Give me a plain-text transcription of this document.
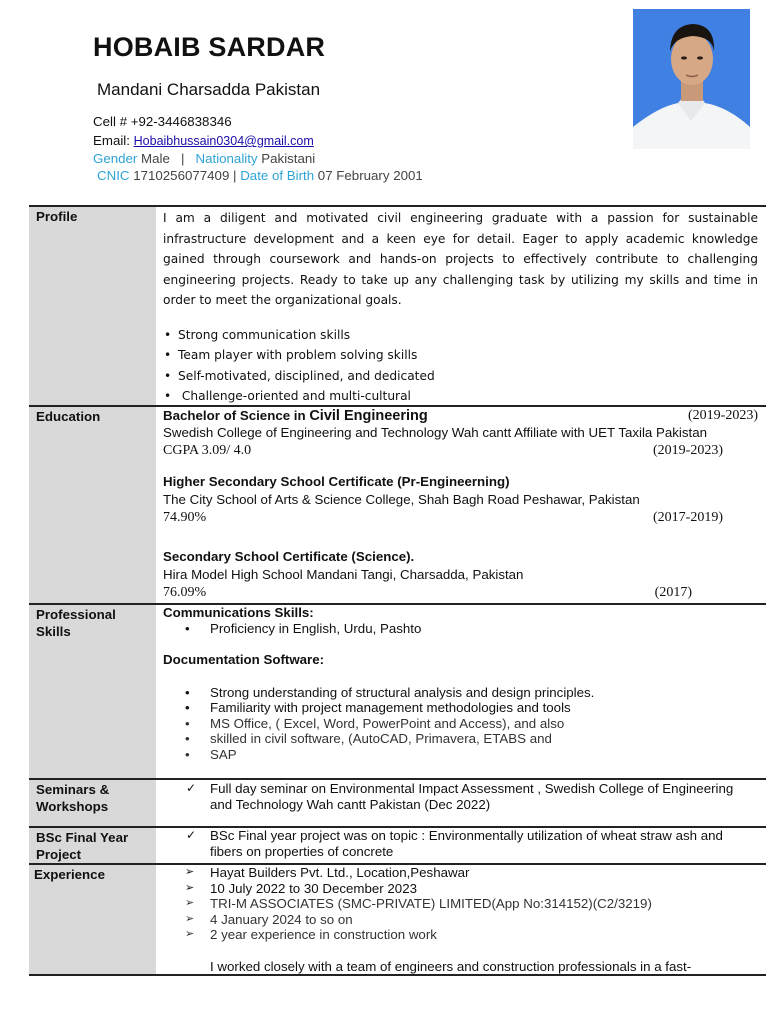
HOBAIB SARDAR
Mandani Charsadda Pakistan
Cell # +92-3446838346
Email: Hobaibhussain0304@gmail.com
Gender Male   |   Nationality Pakistani
CNIC 1710256077409 | Date of Birth 07 February 2001
Profile	I am a diligent and motivated civil engineering graduate with a passion for sustainable infrastructure development and a keen eye for detail. Eager to apply academic knowledge gained through coursework and hands-on projects to effectively contribute to challenging engineering projects. Ready to take up any challenging task by utilizing my skills and time in order to meet the organizational goals.
• Strong communication skills
• Team player with problem solving skills
• Self-motivated, disciplined, and dedicated
•  Challenge-oriented and multi-cultural
Education	Bachelor of Science in Civil Engineering	(2019-2023)
Swedish College of Engineering and Technology Wah cantt Affiliate with UET Taxila Pakistan
CGPA 3.09/ 4.0	(2019-2023)
Higher Secondary School Certificate (Pr-Engineerning)
The City School of Arts & Science College, Shah Bagh Road Peshawar, Pakistan
74.90%	(2017-2019)
Secondary School Certificate (Science).
Hira Model High School Mandani Tangi, Charsadda, Pakistan
76.09%	(2017)
Professional Skills
Communications Skills:
• Proficiency in English, Urdu, Pashto
Documentation Software:
• Strong understanding of structural analysis and design principles.
• Familiarity with project management methodologies and tools
• MS Office, ( Excel, Word, PowerPoint and Access), and also
• skilled in civil software, (AutoCAD, Primavera, ETABS and
• SAP
Seminars & Workshops
✓ Full day seminar on Environmental Impact Assessment , Swedish College of Engineering and Technology Wah cantt Pakistan (Dec 2022)
BSc Final Year Project
✓ BSc Final year project was on topic : Environmentally utilization of wheat straw ash and fibers on properties of concrete
Experience
➢	Hayat Builders Pvt. Ltd., Location,Peshawar
➢ 10 July 2022 to 30 December 2023
➢ TRI-M ASSOCIATES (SMC-PRIVATE) LIMITED(App No:314152)(C2/3219)
➢ 4 January 2024 to so on
➢ 2 year experience in construction work
I worked closely with a team of engineers and construction professionals in a fast-
